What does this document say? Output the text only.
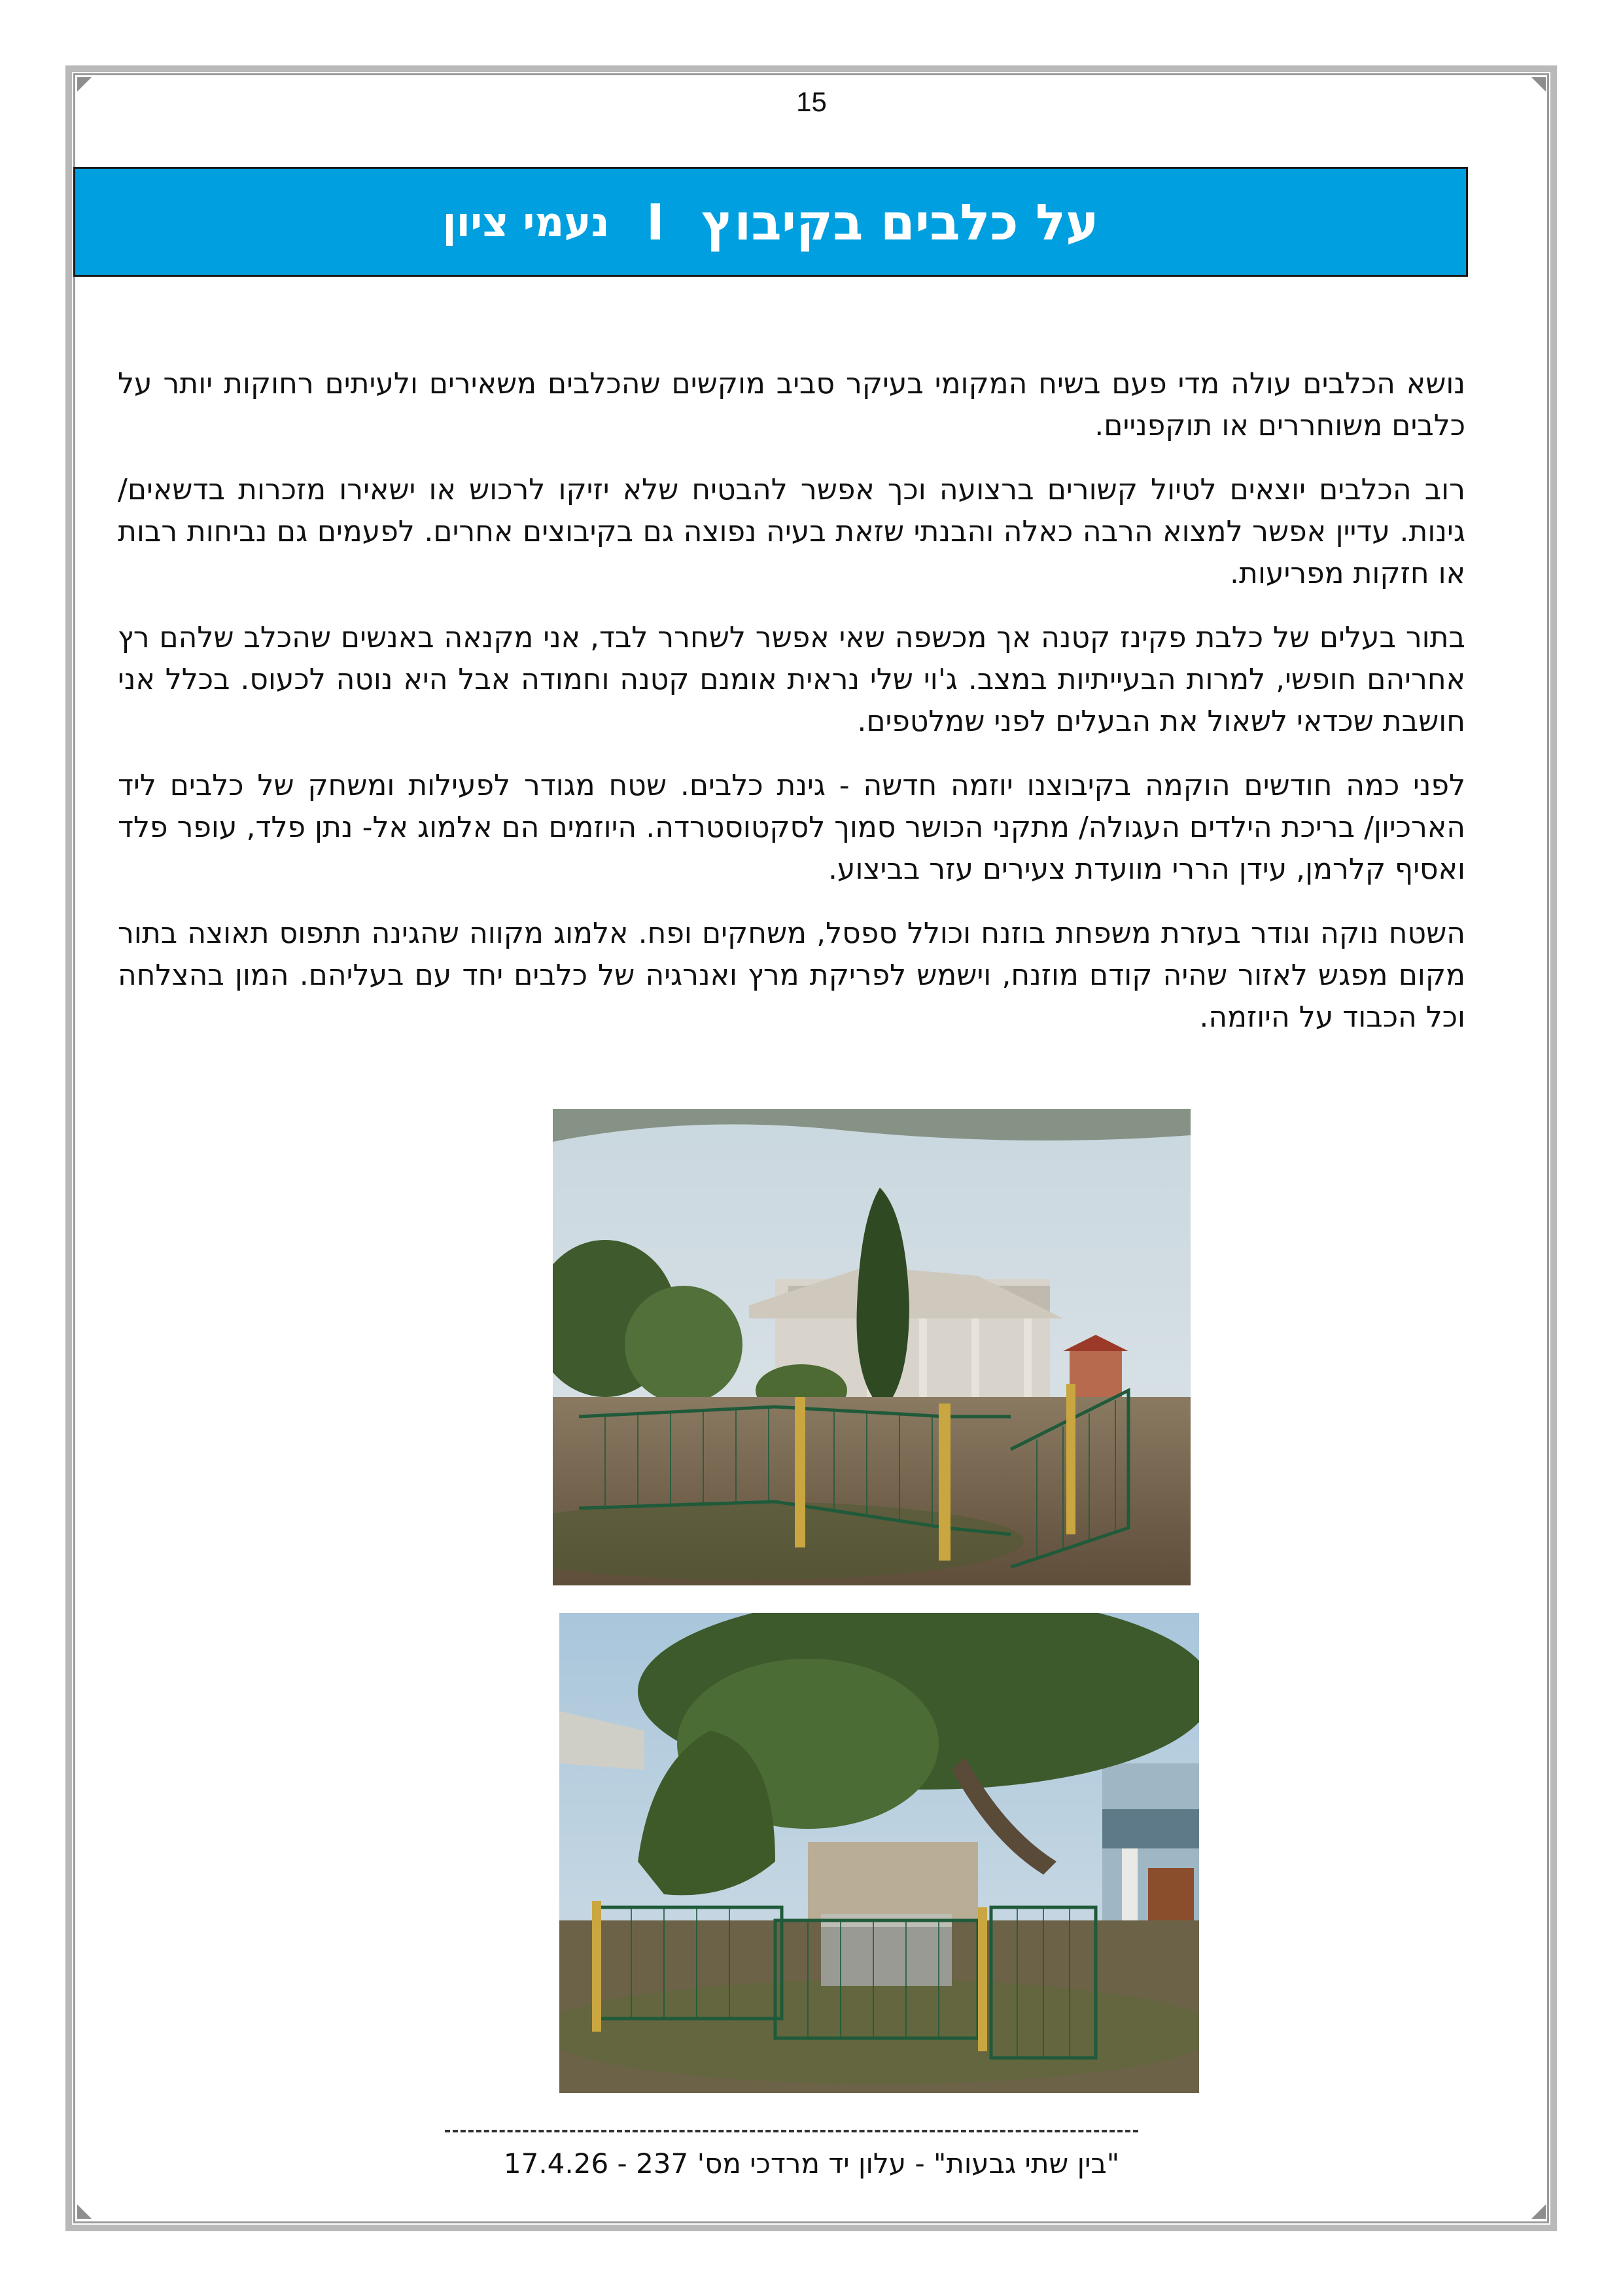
15
על כלבים בקיבוץ
I
נעמי ציון

נושא הכלבים עולה מדי פעם בשיח המקומי בעיקר סביב מוקשים שהכלבים משאירים ולעיתים רחוקות יותר על כלבים משוחררים או תוקפניים.

רוב הכלבים יוצאים לטיול קשורים ברצועה וכך אפשר להבטיח שלא יזיקו לרכוש או ישאירו מזכרות בדשאים/ גינות. עדיין אפשר למצוא הרבה כאלה והבנתי שזאת בעיה נפוצה גם בקיבוצים אחרים. לפעמים גם נביחות רבות או חזקות מפריעות.

בתור בעלים של כלבת פקינז קטנה אך מכשפה שאי אפשר לשחרר לבד, אני מקנאה באנשים שהכלב שלהם רץ אחריהם חופשי, למרות הבעייתיות במצב. ג'וי שלי נראית אומנם קטנה וחמודה אבל היא נוטה לכעוס. בכלל אני חושבת שכדאי לשאול את הבעלים לפני שמלטפים.

לפני כמה חודשים הוקמה בקיבוצנו יוזמה חדשה - גינת כלבים. שטח מגודר לפעילות ומשחק של כלבים ליד הארכיון/ בריכת הילדים העגולה/ מתקני הכושר סמוך לסקטוסטרדה. היוזמים הם אלמוג אל- נתן פלד, עופר פלד ואסיף קלרמן, עידן הררי מוועדת צעירים עזר בביצוע.

השטח נוקה וגודר בעזרת משפחת בוזנח וכולל ספסל, משחקים ופח. אלמוג מקווה שהגינה תתפוס תאוצה בתור מקום מפגש לאזור שהיה קודם מוזנח, וישמש לפריקת מרץ ואנרגיה של כלבים יחד עם בעליהם. המון בהצלחה וכל הכבוד על היוזמה.

"בין שתי גבעות" - עלון יד מרדכי מס' 237 - 17.4.26
